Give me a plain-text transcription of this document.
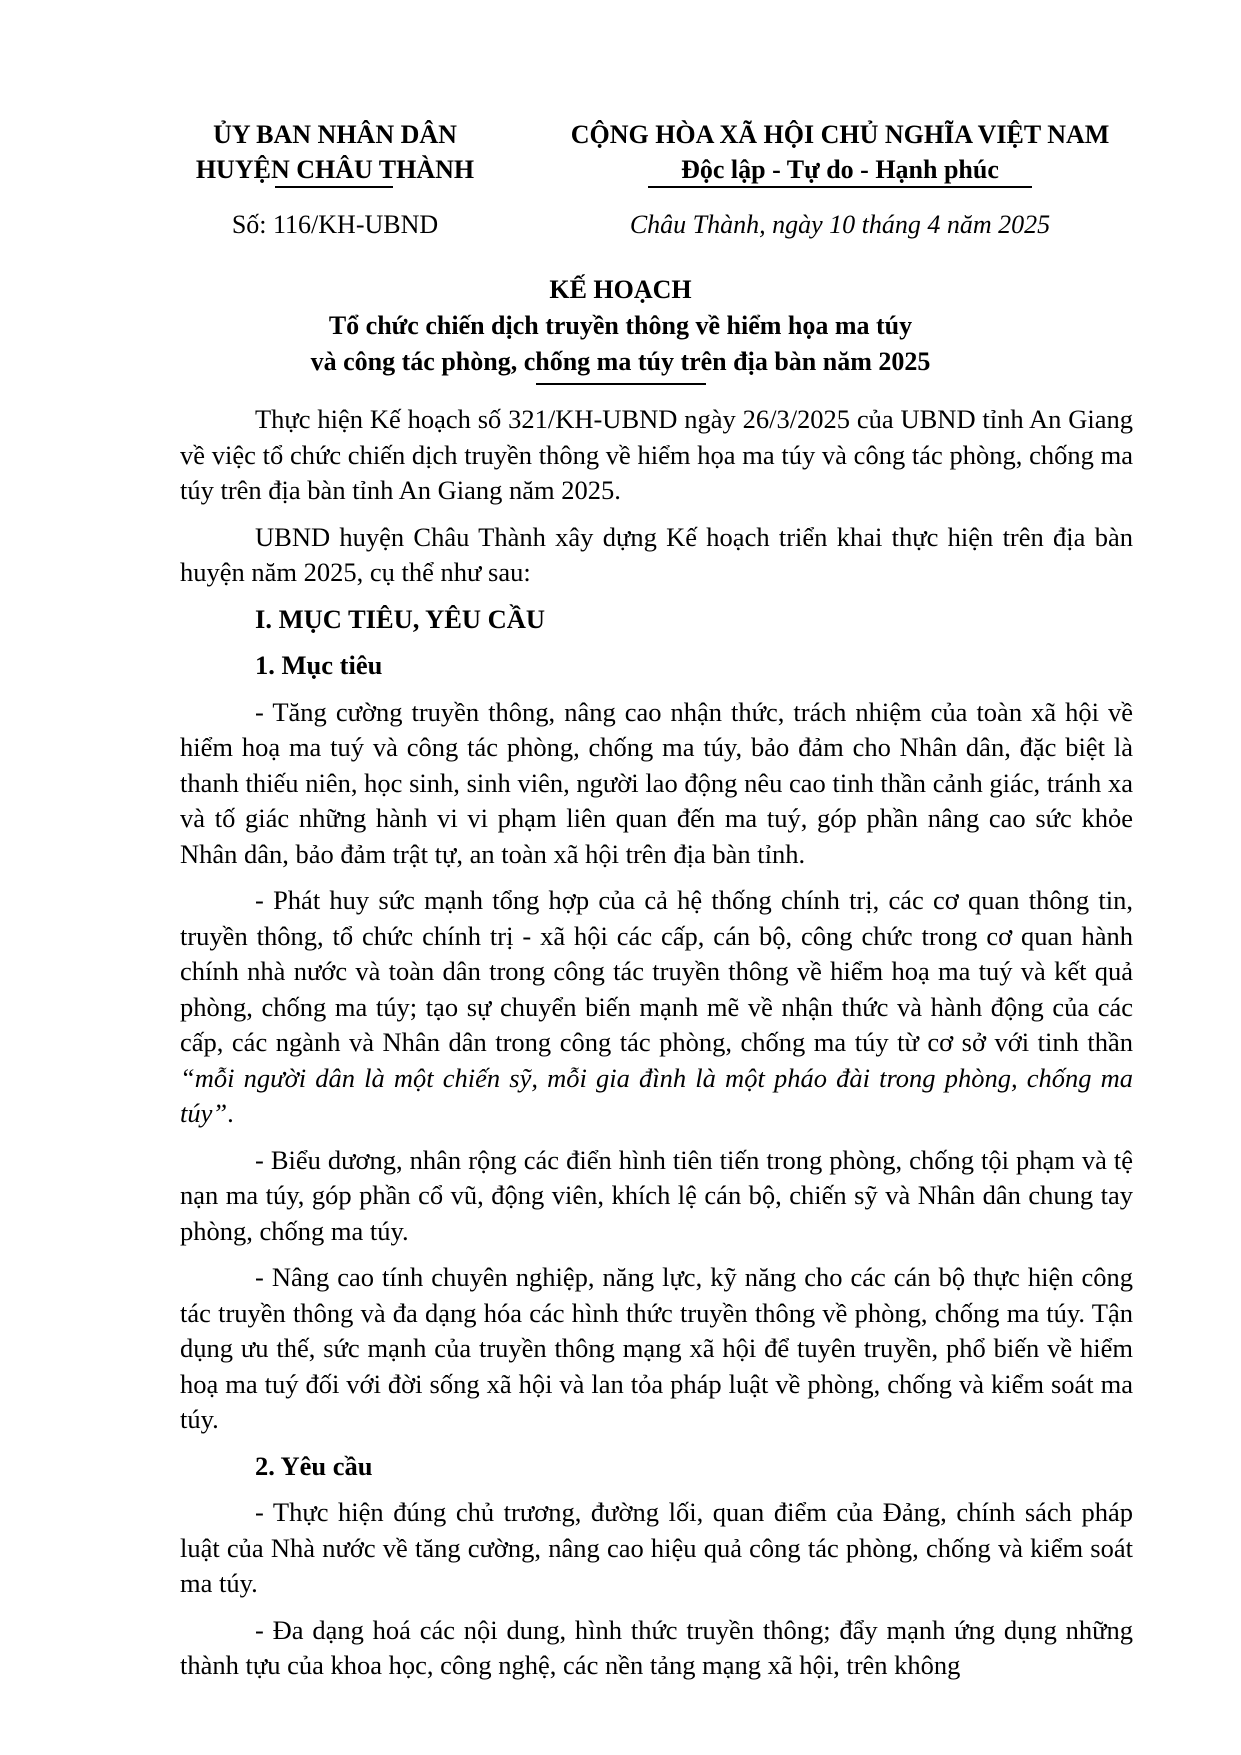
ỦY BAN NHÂN DÂN
HUYỆN CHÂU THÀNH
CỘNG HÒA XÃ HỘI CHỦ NGHĨA VIỆT NAM
Độc lập - Tự do - Hạnh phúc
Số: 116/KH-UBND	Châu Thành, ngày 10 tháng 4 năm 2025
KẾ HOẠCH
Tổ chức chiến dịch truyền thông về hiểm họa ma túy
và công tác phòng, chống ma túy trên địa bàn năm 2025

Thực hiện Kế hoạch số 321/KH-UBND ngày 26/3/2025 của UBND tỉnh An Giang về việc tổ chức chiến dịch truyền thông về hiểm họa ma túy và công tác phòng, chống ma túy trên địa bàn tỉnh An Giang năm 2025.

UBND huyện Châu Thành xây dựng Kế hoạch triển khai thực hiện trên địa bàn huyện năm 2025, cụ thể như sau:

I. MỤC TIÊU, YÊU CẦU

1. Mục tiêu

- Tăng cường truyền thông, nâng cao nhận thức, trách nhiệm của toàn xã hội về hiểm hoạ ma tuý và công tác phòng, chống ma túy, bảo đảm cho Nhân dân, đặc biệt là thanh thiếu niên, học sinh, sinh viên, người lao động nêu cao tinh thần cảnh giác, tránh xa và tố giác những hành vi vi phạm liên quan đến ma tuý, góp phần nâng cao sức khỏe Nhân dân, bảo đảm trật tự, an toàn xã hội trên địa bàn tỉnh.

- Phát huy sức mạnh tổng hợp của cả hệ thống chính trị, các cơ quan thông tin, truyền thông, tổ chức chính trị - xã hội các cấp, cán bộ, công chức trong cơ quan hành chính nhà nước và toàn dân trong công tác truyền thông về hiểm hoạ ma tuý và kết quả phòng, chống ma túy; tạo sự chuyển biến mạnh mẽ về nhận thức và hành động của các cấp, các ngành và Nhân dân trong công tác phòng, chống ma túy từ cơ sở với tinh thần “mỗi người dân là một chiến sỹ, mỗi gia đình là một pháo đài trong phòng, chống ma túy”.

- Biểu dương, nhân rộng các điển hình tiên tiến trong phòng, chống tội phạm và tệ nạn ma túy, góp phần cổ vũ, động viên, khích lệ cán bộ, chiến sỹ và Nhân dân chung tay phòng, chống ma túy.

- Nâng cao tính chuyên nghiệp, năng lực, kỹ năng cho các cán bộ thực hiện công tác truyền thông và đa dạng hóa các hình thức truyền thông về phòng, chống ma túy. Tận dụng ưu thế, sức mạnh của truyền thông mạng xã hội để tuyên truyền, phổ biến về hiểm hoạ ma tuý đối với đời sống xã hội và lan tỏa pháp luật về phòng, chống và kiểm soát ma túy.

2. Yêu cầu

- Thực hiện đúng chủ trương, đường lối, quan điểm của Đảng, chính sách pháp luật của Nhà nước về tăng cường, nâng cao hiệu quả công tác phòng, chống và kiểm soát ma túy.

- Đa dạng hoá các nội dung, hình thức truyền thông; đẩy mạnh ứng dụng những thành tựu của khoa học, công nghệ, các nền tảng mạng xã hội, trên không
